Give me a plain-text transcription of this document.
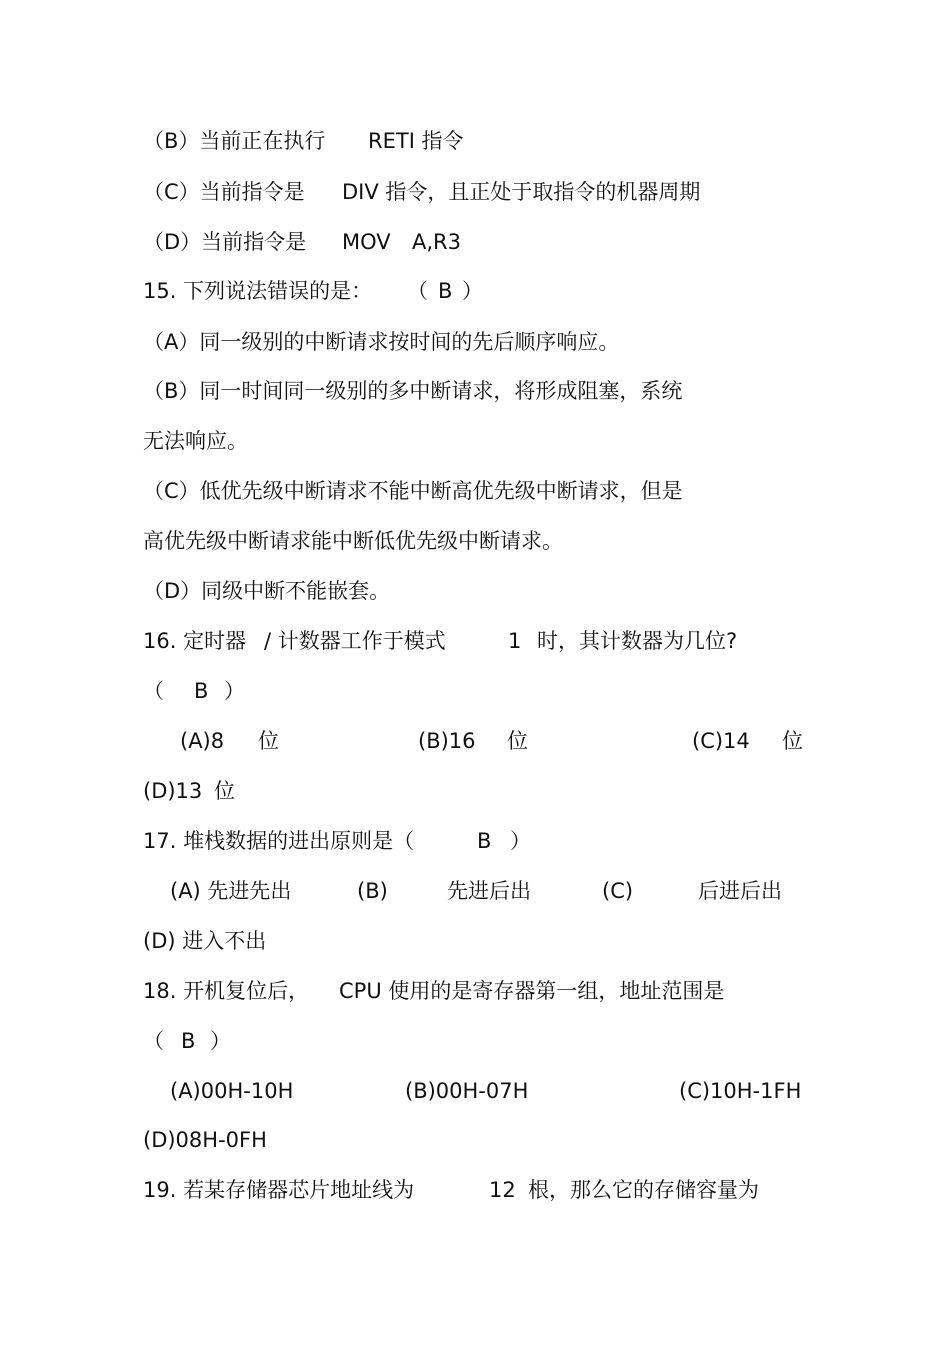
（B）当前正在执行

RETI 指令

（C）当前指令是

DIV 指令，且正处于取指令的机器周期

（D）当前指令是

MOV

A,R3

15. 下列说法错误的是：

（

B

）

（A）同一级别的中断请求按时间的先后顺序响应。

（B）同一时间同一级别的多中断请求，将形成阻塞，系统

无法响应。

（C）低优先级中断请求不能中断高优先级中断请求，但是

高优先级中断请求能中断低优先级中断请求。

（D）同级中断不能嵌套。

16. 定时器

/ 计数器工作于模式

	1

时，其计数器为几位?

（

B

）

(A)8

位

	(B)16

位

	(C)14

位

(D)13

位

17. 堆栈数据的进出原则是（

	B

）

(A) 先进先出

	(B)

	先进后出

	(C)

	后进后出

(D) 进入不出

18. 开机复位后，

CPU 使用的是寄存器第一组，地址范围是

（

B

）

(A)00H-10H

	(B)00H-07H

	(C)10H-1FH

(D)08H-0FH

19. 若某存储器芯片地址线为

	12

根，那么它的存储容量为
